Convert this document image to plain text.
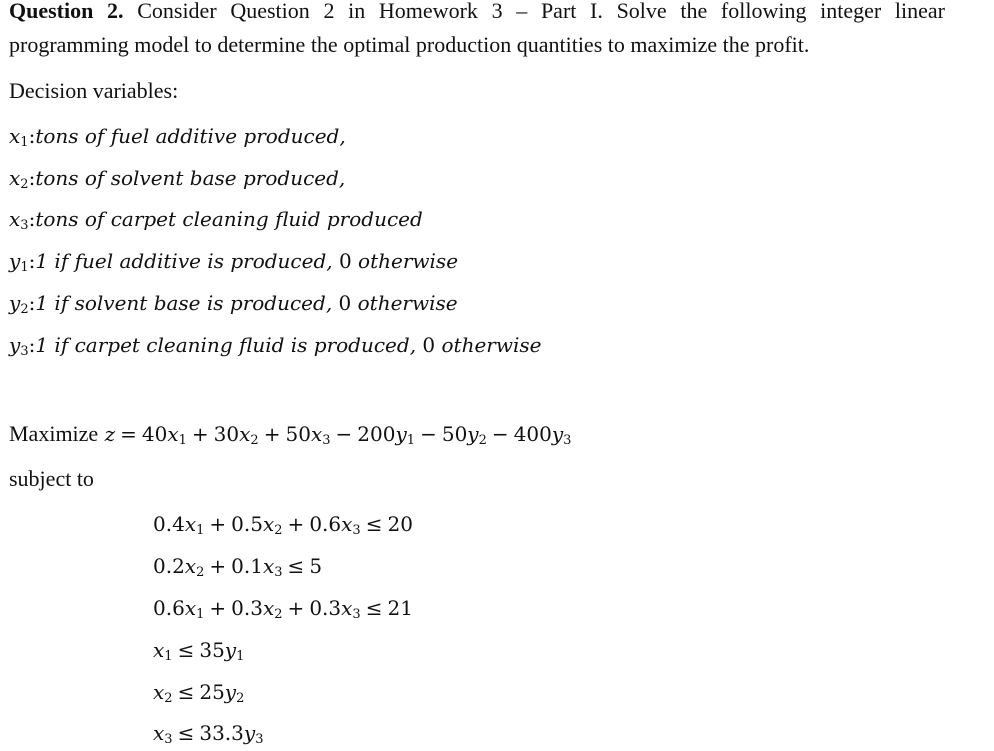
Question 2. Consider Question 2 in Homework 3 – Part I. Solve the following integer linear programming model to determine the optimal production quantities to maximize the profit.

Decision variables:

$x_1:tons$ of fuel additive produced,
$x_2:tons$ of solvent base produced,
$x_3:tons$ of carpet cleaning fluid produced
$y_1:1$ if fuel additive is produced, 0 otherwise
$y_2:1$ if solvent base is produced, 0 otherwise
$y_3:1$ if carpet cleaning fluid is produced, 0 otherwise
Maximize $z = 40x_1 + 30x_2 + 50x_3 - 200y_1 - 50y_2 - 400y_3$

subject to

$0.4x_1 + 0.5x_2 + 0.6x_3 \le 20$
$0.2x_2 + 0.1x_3 \le 5$
$0.6x_1 + 0.3x_2 + 0.3x_3 \le 21$
$x_1 \le 35y_1$
$x_2 \le 25y_2$
$x_3 \le 33.3y_3$
